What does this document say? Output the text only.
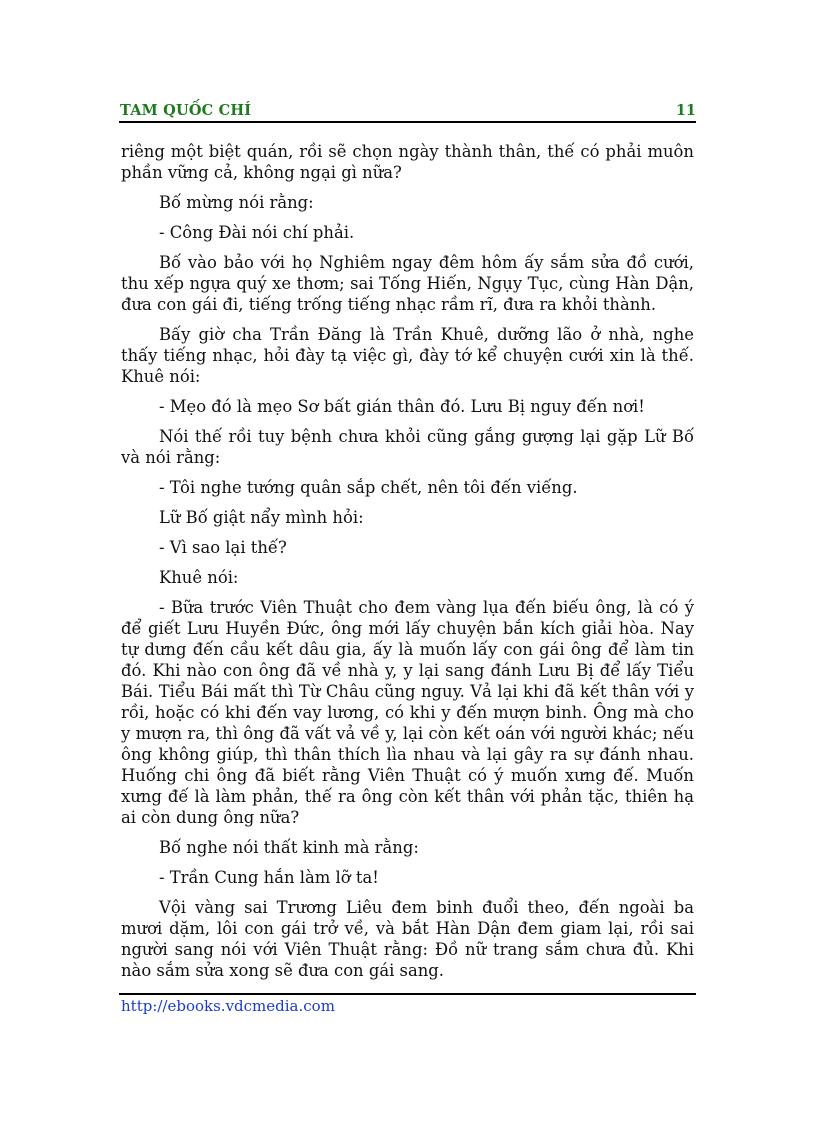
TAM QUỐC CHÍ	11

riêng một biệt quán, rồi sẽ chọn ngày thành thân, thế có phải muôn phần vững cả, không ngại gì nữa?

Bố mừng nói rằng:

- Công Đài nói chí phải.

Bố vào bảo với họ Nghiêm ngay đêm hôm ấy sắm sửa đồ cưới, thu xếp ngựa quý xe thơm; sai Tống Hiến, Ngụy Tục, cùng Hàn Dận, đưa con gái đi, tiếng trống tiếng nhạc rầm rĩ, đưa ra khỏi thành.

Bấy giờ cha Trần Đăng là Trần Khuê, dưỡng lão ở nhà, nghe thấy tiếng nhạc, hỏi đày tạ việc gì, đày tớ kể chuyện cưới xin là thế. Khuê nói:

- Mẹo đó là mẹo Sơ bất gián thân đó. Lưu Bị nguy đến nơi!

Nói thế rồi tuy bệnh chưa khỏi cũng gắng gượng lại gặp Lữ Bố và nói rằng:

- Tôi nghe tướng quân sắp chết, nên tôi đến viếng.

Lữ Bố giật nẩy mình hỏi:

- Vì sao lại thế?

Khuê nói:

- Bữa trước Viên Thuật cho đem vàng lụa đến biếu ông, là có ý để giết Lưu Huyền Đức, ông mới lấy chuyện bắn kích giải hòa. Nay tự dưng đến cầu kết dâu gia, ấy là muốn lấy con gái ông để làm tin đó. Khi nào con ông đã về nhà y, y lại sang đánh Lưu Bị để lấy Tiểu Bái. Tiểu Bái mất thì Từ Châu cũng nguy. Vả lại khi đã kết thân với y rồi, hoặc có khi đến vay lương, có khi y đến mượn binh. Ông mà cho y mượn ra, thì ông đã vất vả về y, lại còn kết oán với người khác; nếu ông không giúp, thì thân thích lìa nhau và lại gây ra sự đánh nhau. Huống chi ông đã biết rằng Viên Thuật có ý muốn xưng đế. Muốn xưng đế là làm phản, thế ra ông còn kết thân với phản tặc, thiên hạ ai còn dung ông nữa?

Bố nghe nói thất kinh mà rằng:

- Trần Cung hắn làm lỡ ta!

Vội vàng sai Trương Liêu đem binh đuổi theo, đến ngoài ba mươi dặm, lôi con gái trở về, và bắt Hàn Dận đem giam lại, rồi sai người sang nói với Viên Thuật rằng: Đồ nữ trang sắm chưa đủ. Khi nào sắm sửa xong sẽ đưa con gái sang.

http://ebooks.vdcmedia.com
